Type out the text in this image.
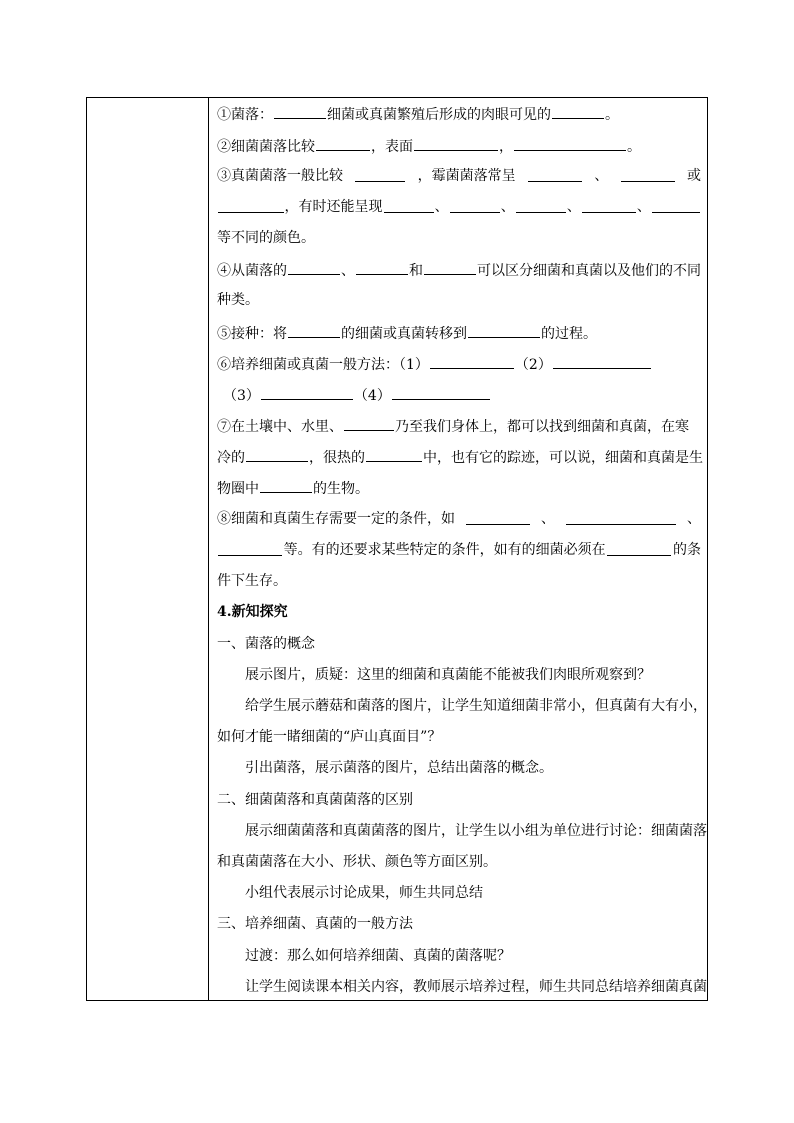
①菌落：	细菌或真菌繁殖后形成的肉眼可见的	。
②细菌菌落比较	，表面	，	。
③真菌菌落一般比较	，霉菌菌落常呈	、	或
，有时还能呈现	、	、	、	、
等不同的颜色。
④从菌落的	、	和	可以区分细菌和真菌以及他们的不同
种类。
⑤接种：将	的细菌或真菌转移到	的过程。
⑥培养细菌或真菌一般方法：（1）	（2）
（3）	（4）
⑦在土壤中、水里、	乃至我们身体上，都可以找到细菌和真菌，在寒
冷的	，很热的	中，也有它的踪迹，可以说，细菌和真菌是生
物圈中	的生物。
⑧细菌和真菌生存需要一定的条件，如	、	、
等。有的还要求某些特定的条件，如有的细菌必须在	的条
件下生存。
4.新知探究
一、菌落的概念
展示图片，质疑：这里的细菌和真菌能不能被我们肉眼所观察到？
给学生展示蘑菇和菌落的图片，让学生知道细菌非常小，但真菌有大有小，
如何才能一睹细菌的“庐山真面目”？
引出菌落，展示菌落的图片，总结出菌落的概念。
二、细菌菌落和真菌菌落的区别
展示细菌菌落和真菌菌落的图片，让学生以小组为单位进行讨论：细菌菌落
和真菌菌落在大小、形状、颜色等方面区别。
小组代表展示讨论成果，师生共同总结
三、培养细菌、真菌的一般方法
过渡：那么如何培养细菌、真菌的菌落呢？
让学生阅读课本相关内容，教师展示培养过程，师生共同总结培养细菌真菌
